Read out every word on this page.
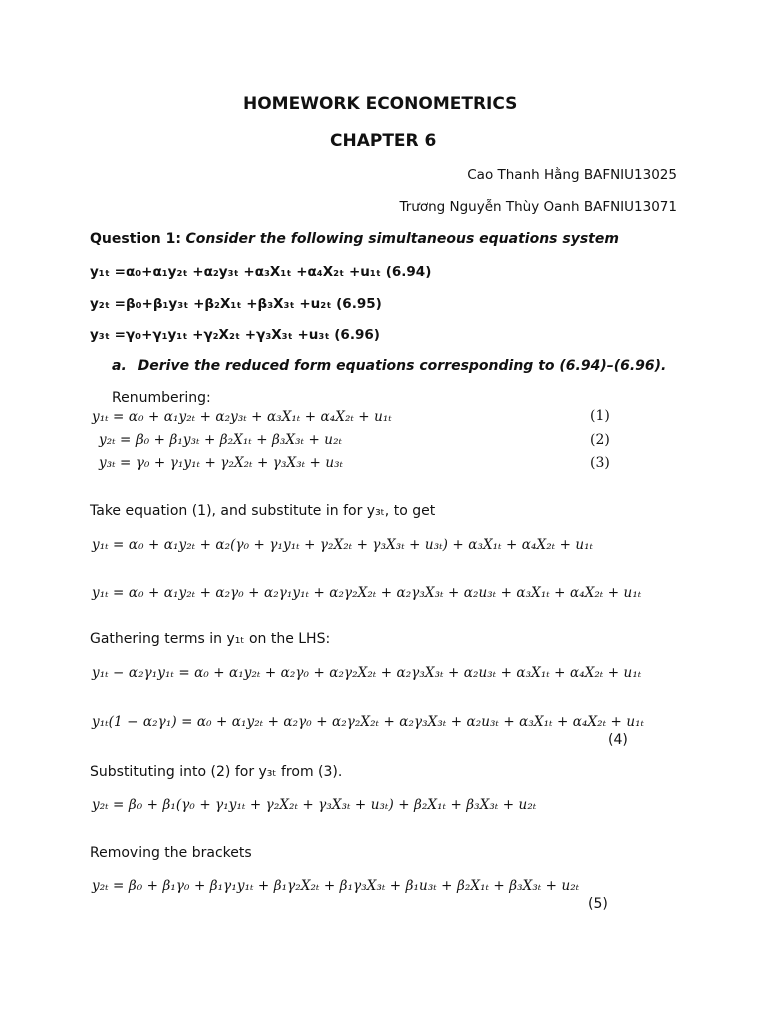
HOMEWORK ECONOMETRICS
CHAPTER 6
Cao Thanh Hằng BAFNIU13025
Trương Nguyễn Thùy Oanh BAFNIU13071
Question 1: Consider the following simultaneous equations system
y₁ₜ =α₀+α₁y₂ₜ +α₂y₃ₜ +α₃X₁ₜ +α₄X₂ₜ +u₁ₜ (6.94)
y₂ₜ =β₀+β₁y₃ₜ +β₂X₁ₜ +β₃X₃ₜ +u₂ₜ (6.95)
y₃ₜ =γ₀+γ₁y₁ₜ +γ₂X₂ₜ +γ₃X₃ₜ +u₃ₜ (6.96)
a. Derive the reduced form equations corresponding to (6.94)–(6.96).
Renumbering:
y₁ₜ = α₀ + α₁y₂ₜ + α₂y₃ₜ + α₃X₁ₜ + α₄X₂ₜ + u₁ₜ	(1)
y₂ₜ = β₀ + β₁y₃ₜ + β₂X₁ₜ + β₃X₃ₜ + u₂ₜ	(2)
y₃ₜ = γ₀ + γ₁y₁ₜ + γ₂X₂ₜ + γ₃X₃ₜ + u₃ₜ	(3)
Take equation (1), and substitute in for y₃ₜ, to get
y₁ₜ = α₀ + α₁y₂ₜ + α₂(γ₀ + γ₁y₁ₜ + γ₂X₂ₜ + γ₃X₃ₜ + u₃ₜ) + α₃X₁ₜ + α₄X₂ₜ + u₁ₜ
y₁ₜ = α₀ + α₁y₂ₜ + α₂γ₀ + α₂γ₁y₁ₜ + α₂γ₂X₂ₜ + α₂γ₃X₃ₜ + α₂u₃ₜ + α₃X₁ₜ + α₄X₂ₜ + u₁ₜ
Gathering terms in y₁ₜ on the LHS:
y₁ₜ − α₂γ₁y₁ₜ = α₀ + α₁y₂ₜ + α₂γ₀ + α₂γ₂X₂ₜ + α₂γ₃X₃ₜ + α₂u₃ₜ + α₃X₁ₜ + α₄X₂ₜ + u₁ₜ
y₁ₜ(1 − α₂γ₁) = α₀ + α₁y₂ₜ + α₂γ₀ + α₂γ₂X₂ₜ + α₂γ₃X₃ₜ + α₂u₃ₜ + α₃X₁ₜ + α₄X₂ₜ + u₁ₜ
(4)
Substituting into (2) for y₃ₜ from (3).
y₂ₜ = β₀ + β₁(γ₀ + γ₁y₁ₜ + γ₂X₂ₜ + γ₃X₃ₜ + u₃ₜ) + β₂X₁ₜ + β₃X₃ₜ + u₂ₜ
Removing the brackets
y₂ₜ = β₀ + β₁γ₀ + β₁γ₁y₁ₜ + β₁γ₂X₂ₜ + β₁γ₃X₃ₜ + β₁u₃ₜ + β₂X₁ₜ + β₃X₃ₜ + u₂ₜ
(5)
